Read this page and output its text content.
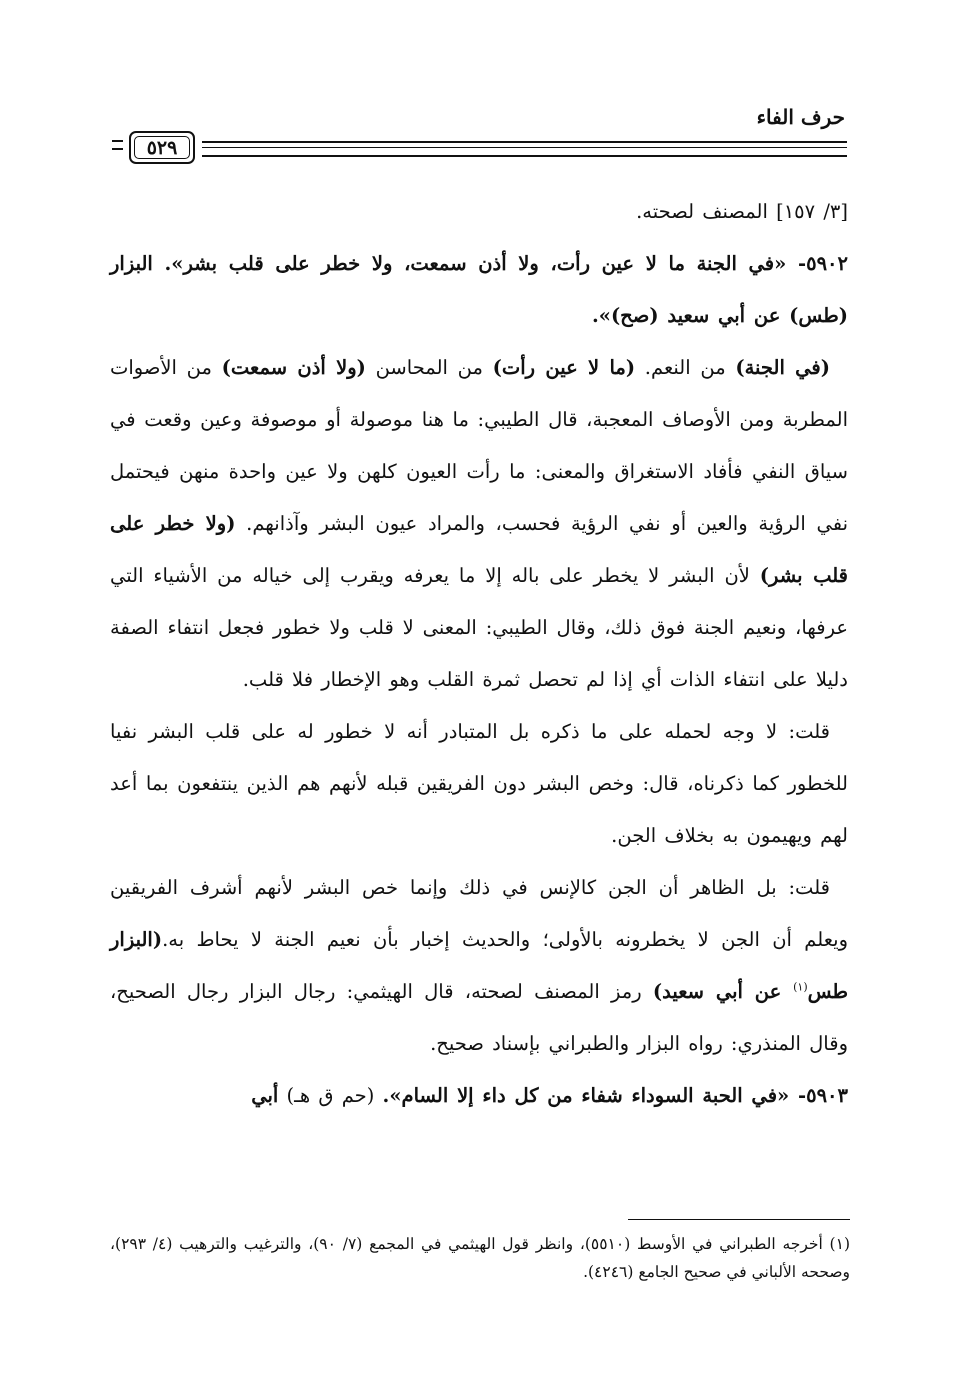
حرف الفاء
٥٢٩

[٣/ ١٥٧] المصنف لصحته.

٥٩٠٢- «في الجنة ما لا عين رأت، ولا أذن سمعت، ولا خطر على قلب بشر». البزار (طس) عن أبي سعيد (صح)».

(في الجنة) من النعم. (ما لا عين رأت) من المحاسن (ولا أذن سمعت) من الأصوات المطربة ومن الأوصاف المعجبة، قال الطيبي: ما هنا موصولة أو موصوفة وعين وقعت في سياق النفي فأفاد الاستغراق والمعنى: ما رأت العيون كلهن ولا عين واحدة منهن فيحتمل نفي الرؤية والعين أو نفي الرؤية فحسب، والمراد عيون البشر وآذانهم. (ولا خطر على قلب بشر) لأن البشر لا يخطر على باله إلا ما يعرفه ويقرب إلى خياله من الأشياء التي عرفها، ونعيم الجنة فوق ذلك، وقال الطيبي: المعنى لا قلب ولا خطور فجعل انتفاء الصفة دليلا على انتفاء الذات أي إذا لم تحصل ثمرة القلب وهو الإخطار فلا قلب.

قلت: لا وجه لحمله على ما ذكره بل المتبادر أنه لا خطور له على قلب البشر نفيا للخطور كما ذكرناه، قال: وخص البشر دون الفريقين قبله لأنهم هم الذين ينتفعون بما أعد لهم ويهيمون به بخلاف الجن.

قلت: بل الظاهر أن الجن كالإنس في ذلك وإنما خص البشر لأنهم أشرف الفريقين ويعلم أن الجن لا يخطرونه بالأولى؛ والحديث إخبار بأن نعيم الجنة لا يحاط به.(البزار طس$^{(١)}$ عن أبي سعيد) رمز المصنف لصحته، قال الهيثمي: رجال البزار رجال الصحيح، وقال المنذري: رواه البزار والطبراني بإسناد صحيح.

٥٩٠٣- «في الحبة السوداء شفاء من كل داء إلا السام». (حم ق هـ) أبي

(١) أخرجه الطبراني في الأوسط (٥٥١٠)، وانظر قول الهيثمي في المجمع (٧/ ٩٠)، والترغيب والترهيب (٤/ ٢٩٣)، وصححه الألباني في صحيح الجامع (٤٢٤٦).
